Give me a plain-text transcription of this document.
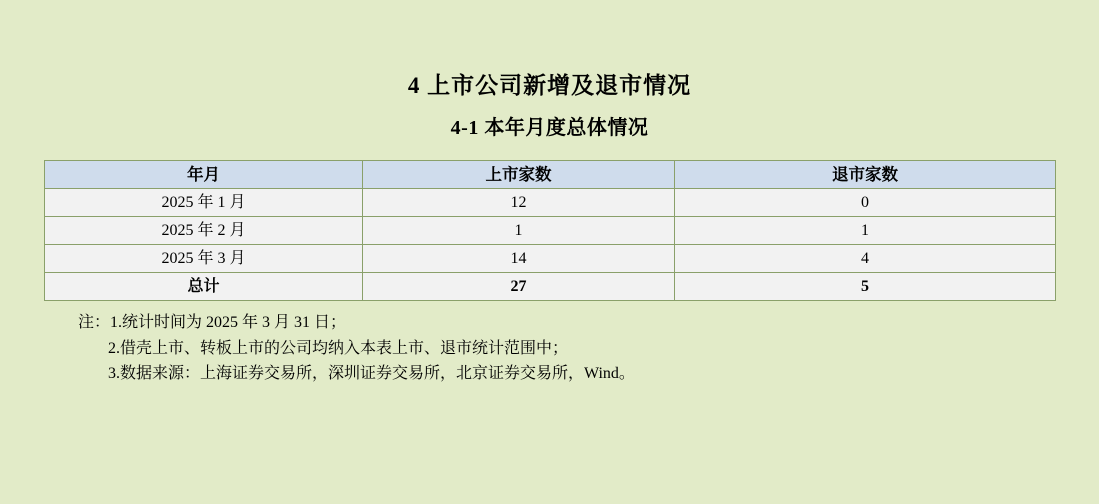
4 上市公司新增及退市情况
4-1 本年月度总体情况
年月	上市家数	退市家数
2025 年 1 月	12	0
2025 年 2 月	1	1
2025 年 3 月	14	4
总计	27	5
注：1.统计时间为 2025 年 3 月 31 日；
2.借壳上市、转板上市的公司均纳入本表上市、退市统计范围中；
3.数据来源：上海证券交易所，深圳证券交易所，北京证券交易所，Wind。
